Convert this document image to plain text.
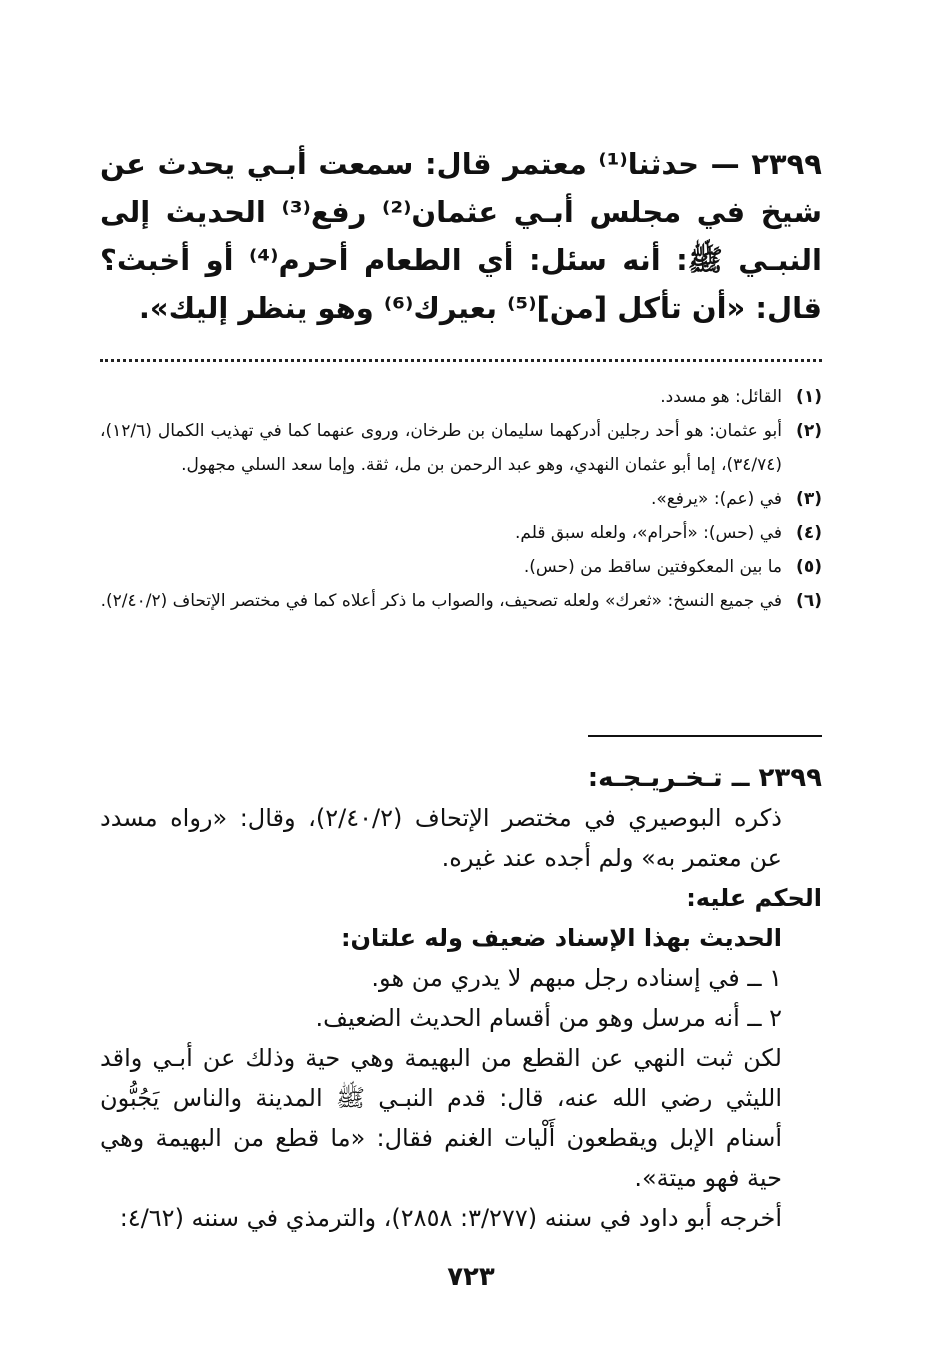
٢٣٩٩ — حدثنا⁽¹⁾ معتمر قال: سمعت أبـي يحدث عن شيخ في مجلس أبـي عثمان⁽²⁾ رفع⁽³⁾ الحديث إلى النبـي ﷺ: أنه سئل: أي الطعام أحرم⁽⁴⁾ أو أخبث؟ قال: «أن تأكل [من]⁽⁵⁾ بعيرك⁽⁶⁾ وهو ينظر إليك».

(١)
القائل: هو مسدد.
(٢)
أبو عثمان: هو أحد رجلين أدركهما سليمان بن طرخان، وروى عنهما كما في تهذيب الكمال (١٢/٦)، (٣٤/٧٤)، إما أبو عثمان النهدي، وهو عبد الرحمن بن مل، ثقة. وإما سعد السلي مجهول.
(٣)
في (عم): «يرفع».
(٤)
في (حس): «أحرام»، ولعله سبق قلم.
(٥)
ما بين المعكوفتين ساقط من (حس).
(٦)
في جميع النسخ: «ثعرك» ولعله تصحيف، والصواب ما ذكر أعلاه كما في مختصر الإتحاف (٢/٤٠/٢).

٢٣٩٩ ــ تـخـريـجـه:

ذكره البوصيري في مختصر الإتحاف (٢/٤٠/٢)، وقال: «رواه مسدد عن معتمر به» ولم أجده عند غيره.

الحكم عليه:

الحديث بهذا الإسناد ضعيف وله علتان:

١ ــ في إسناده رجل مبهم لا يدري من هو.

٢ ــ أنه مرسل وهو من أقسام الحديث الضعيف.

لكن ثبت النهي عن القطع من البهيمة وهي حية وذلك عن أبـي واقد الليثي رضي الله عنه، قال: قدم النبـي ﷺ المدينة والناس يَجُبُّون أسنام الإبل ويقطعون أَلْيات الغنم فقال: «ما قطع من البهيمة وهي حية فهو ميتة».

أخرجه أبو داود في سننه (٣/٢٧٧: ٢٨٥٨)، والترمذي في سننه (٤/٦٢:

٧٢٣
